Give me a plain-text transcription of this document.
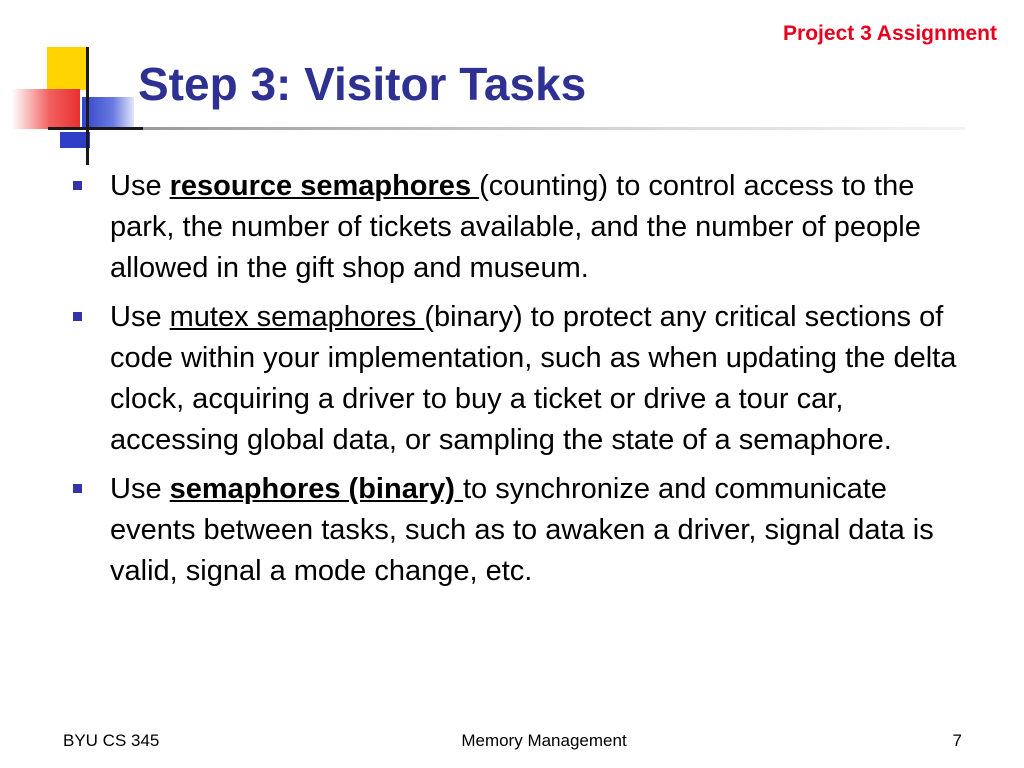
Project 3 Assignment
Step 3: Visitor Tasks
Use resource semaphores (counting) to control access to the park, the number of tickets available, and the number of people allowed in the gift shop and museum.
Use mutex semaphores (binary) to protect any critical sections of code within your implementation, such as when updating the delta clock, acquiring a driver to buy a ticket or drive a tour car, accessing global data, or sampling the state of a semaphore.
Use semaphores (binary) to synchronize and communicate events between tasks, such as to awaken a driver, signal data is valid, signal a mode change, etc.
BYU CS 345	Memory Management	7
